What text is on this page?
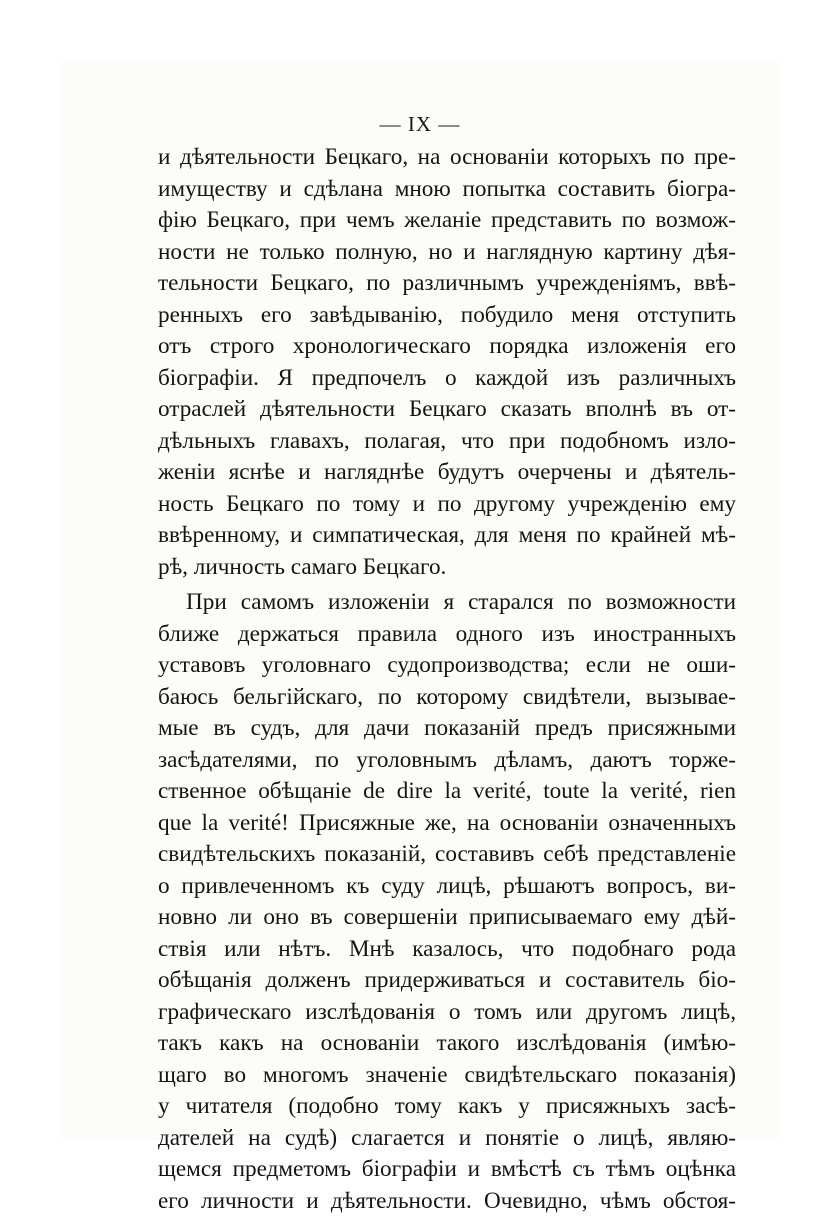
— IX —
и дѣятельности Бецкаго, на основаніи которыхъ по пре-
имуществу и сдѣлана мною попытка составить біогра-
фію Бецкаго, при чемъ желаніе представить по возмож-
ности не только полную, но и наглядную картину дѣя-
тельности Бецкаго, по различнымъ учрежденіямъ, ввѣ-
ренныхъ его завѣдыванію, побудило меня отступить
отъ строго хронологическаго порядка изложенія его
біографіи. Я предпочелъ о каждой изъ различныхъ
отраслей дѣятельности Бецкаго сказать вполнѣ въ от-
дѣльныхъ главахъ, полагая, что при подобномъ изло-
женіи яснѣе и нагляднѣе будутъ очерчены и дѣятель-
ность Бецкаго по тому и по другому учрежденію ему
ввѣренному, и симпатическая, для меня по крайней мѣ-
рѣ, личность самаго Бецкаго.
При самомъ изложеніи я старался по возможности
ближе держаться правила одного изъ иностранныхъ
уставовъ уголовнаго судопроизводства; если не оши-
баюсь бельгійскаго, по которому свидѣтели, вызывае-
мые въ судъ, для дачи показаній предъ присяжными
засѣдателями, по уголовнымъ дѣламъ, даютъ торже-
ственное обѣщаніе de dire la verité, toute la verité, rien
que la verité! Присяжные же, на основаніи означенныхъ
свидѣтельскихъ показаній, составивъ себѣ представленіе
о привлеченномъ къ суду лицѣ, рѣшаютъ вопросъ, ви-
новно ли оно въ совершеніи приписываемаго ему дѣй-
ствія или нѣтъ. Мнѣ казалось, что подобнаго рода
обѣщанія долженъ придерживаться и составитель біо-
графическаго изслѣдованія о томъ или другомъ лицѣ,
такъ какъ на основаніи такого изслѣдованія (имѣю-
щаго во многомъ значеніе свидѣтельскаго показанія)
у читателя (подобно тому какъ у присяжныхъ засѣ-
дателей на судѣ) слагается и понятіе о лицѣ, являю-
щемся предметомъ біографіи и вмѣстѣ съ тѣмъ оцѣнка
его личности и дѣятельности. Очевидно, чѣмъ обстоя-
